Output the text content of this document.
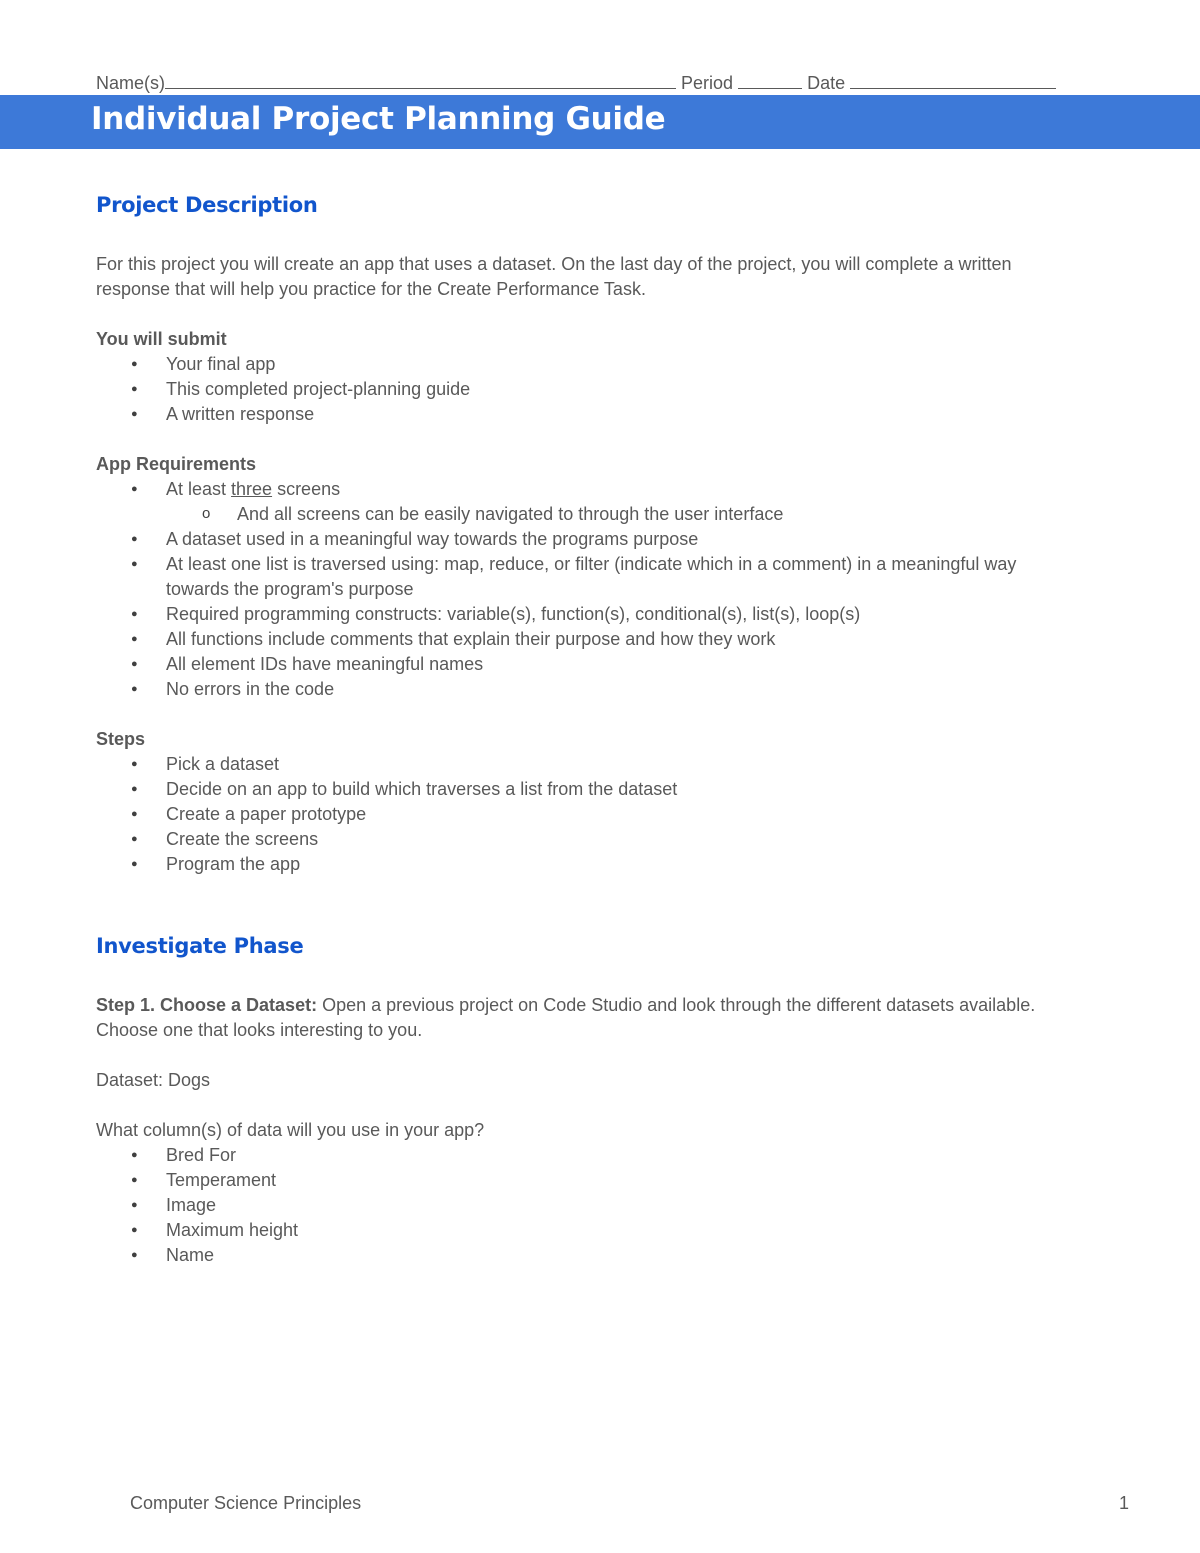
Name(s)	Period	Date
Individual Project Planning Guide
Project Description

For this project you will create an app that uses a dataset. On the last day of the project, you will complete a written

response that will help you practice for the Create Performance Task.

You will submit
● Your final app
● This completed project-planning guide
● A written response
App Requirements
● At least three screens
o And all screens can be easily navigated to through the user interface
● A dataset used in a meaningful way towards the programs purpose
● At least one list is traversed using: map, reduce, or filter (indicate which in a comment) in a meaningful way
towards the program's purpose
● Required programming constructs: variable(s), function(s), conditional(s), list(s), loop(s)
● All functions include comments that explain their purpose and how they work
● All element IDs have meaningful names
● No errors in the code
Steps
● Pick a dataset
● Decide on an app to build which traverses a list from the dataset
● Create a paper prototype
● Create the screens
● Program the app
Investigate Phase

Step 1. Choose a Dataset: Open a previous project on Code Studio and look through the different datasets available.

Choose one that looks interesting to you.

Dataset: Dogs

What column(s) of data will you use in your app?

● Bred For
● Temperament
● Image
● Maximum height
● Name
Computer Science Principles	1
